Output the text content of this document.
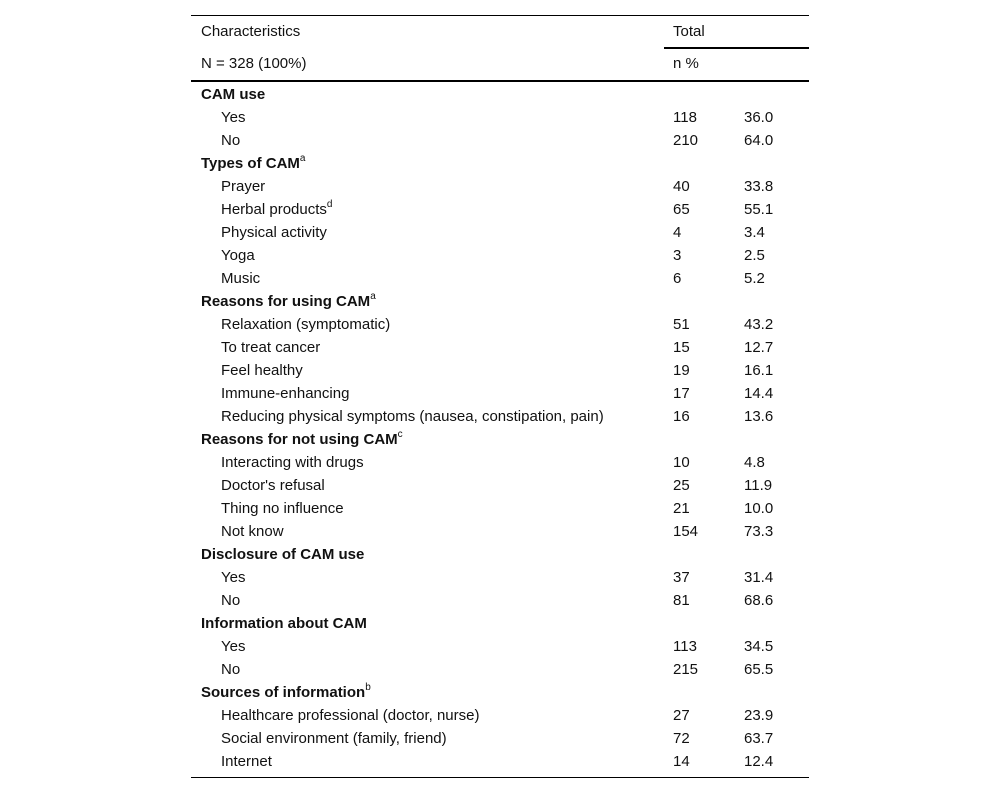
Characteristics	Total
N = 328 (100%)	n %
CAM use
Yes	118	36.0
No	210	64.0
Types of CAM$^a$
Prayer	40	33.8
Herbal products$^d$	65	55.1
Physical activity	4	3.4
Yoga	3	2.5
Music	6	5.2
Reasons for using CAM$^a$
Relaxation (symptomatic)	51	43.2
To treat cancer	15	12.7
Feel healthy	19	16.1
Immune-enhancing	17	14.4
Reducing physical symptoms (nausea, constipation, pain)	16	13.6
Reasons for not using CAM$^c$
Interacting with drugs	10	4.8
Doctor's refusal	25	11.9
Thing no influence	21	10.0
Not know	154	73.3
Disclosure of CAM use
Yes	37	31.4
No	81	68.6
Information about CAM
Yes	113	34.5
No	215	65.5
Sources of information$^b$
Healthcare professional (doctor, nurse)	27	23.9
Social environment (family, friend)	72	63.7
Internet	14	12.4
